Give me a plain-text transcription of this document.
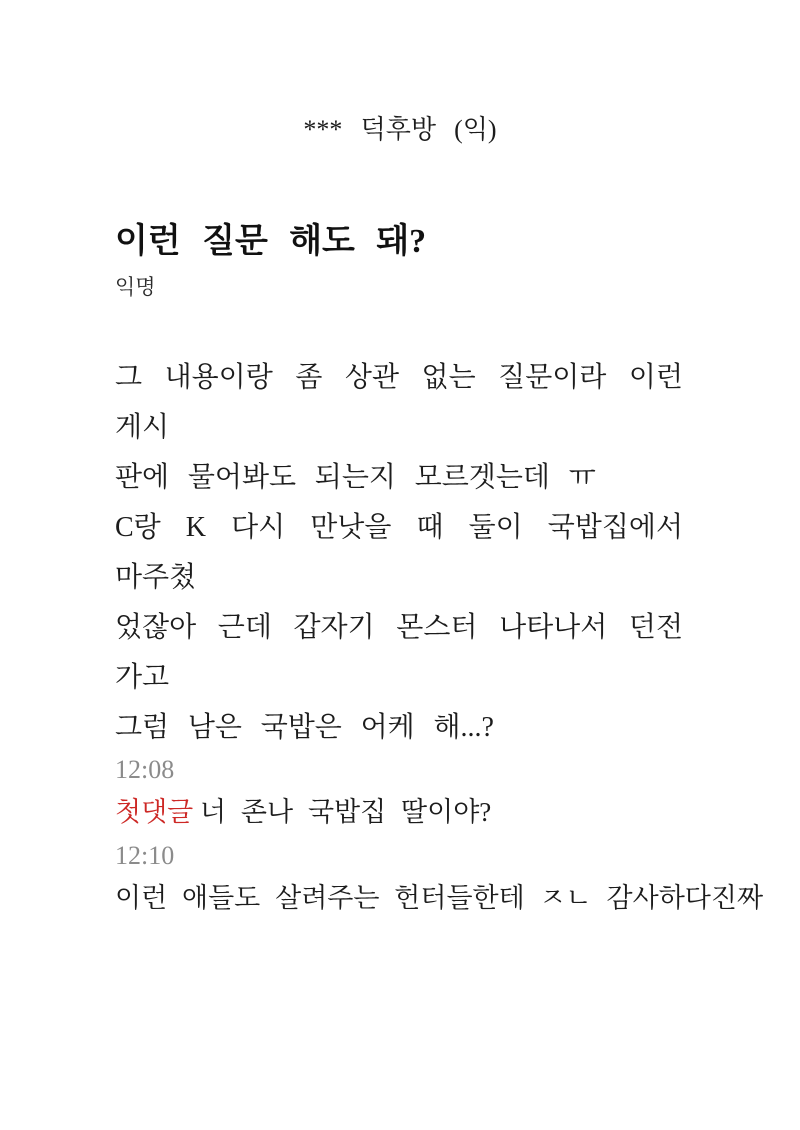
*** 덕후방 (익)
이런 질문 해도 돼?
익명
그 내용이랑 좀 상관 없는 질문이라 이런 게시
판에 물어봐도 되는지 모르겟는데 ㅠ
C랑 K 다시 만낫을 때 둘이 국밥집에서 마주쳤
었잖아 근데 갑자기 몬스터 나타나서 던전 가고
그럼 남은 국밥은 어케 해...?
12:08
첫댓글 너 존나 국밥집 딸이야?
12:10
이런 애들도 살려주는 헌터들한테 ㅈㄴ 감사하다진짜
